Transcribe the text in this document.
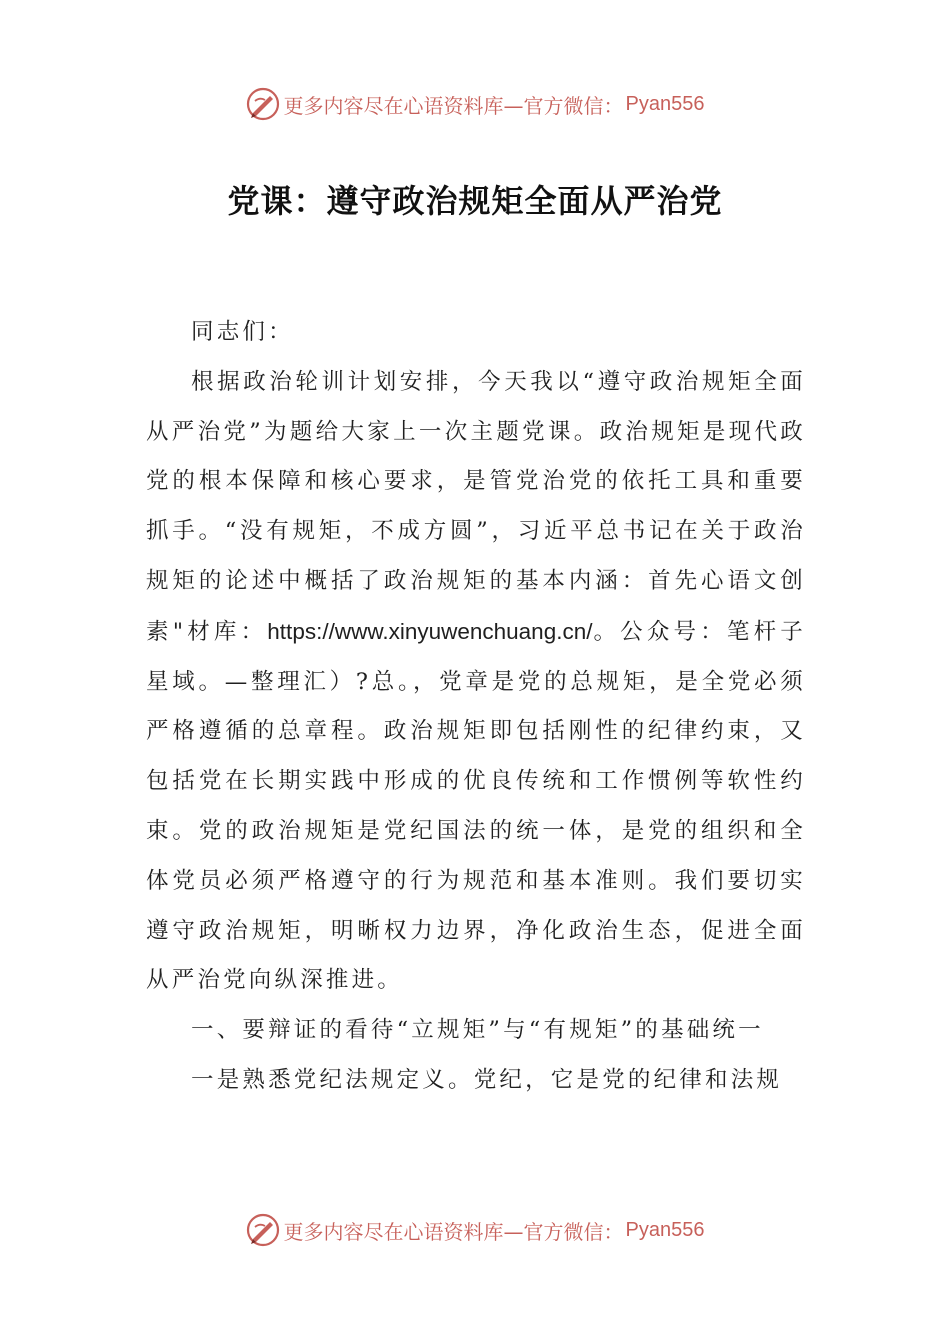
更多内容尽在心语资料库—官方微信： Pyan556
党课：遵守政治规矩全面从严治党

同志们：

根据政治轮训计划安排，今天我以“遵守政治规矩全面从严治党”为题给大家上一次主题党课。政治规矩是现代政党的根本保障和核心要求，是管党治党的依托工具和重要抓手。“没有规矩，不成方圆”，习近平总书记在关于政治规矩的论述中概括了政治规矩的基本内涵：首先心语文创素"材库：https://www.xinyuwenchuang.cn/。公众号：笔杆子星域。—整理汇）?总。，党章是党的总规矩，是全党必须严格遵循的总章程。政治规矩即包括刚性的纪律约束，又包括党在长期实践中形成的优良传统和工作惯例等软性约束。党的政治规矩是党纪国法的统一体，是党的组织和全体党员必须严格遵守的行为规范和基本准则。我们要切实遵守政治规矩，明晰权力边界，净化政治生态，促进全面从严治党向纵深推进。

一、要辩证的看待“立规矩”与“有规矩”的基础统一

一是熟悉党纪法规定义。党纪，它是党的纪律和法规

更多内容尽在心语资料库—官方微信： Pyan556
